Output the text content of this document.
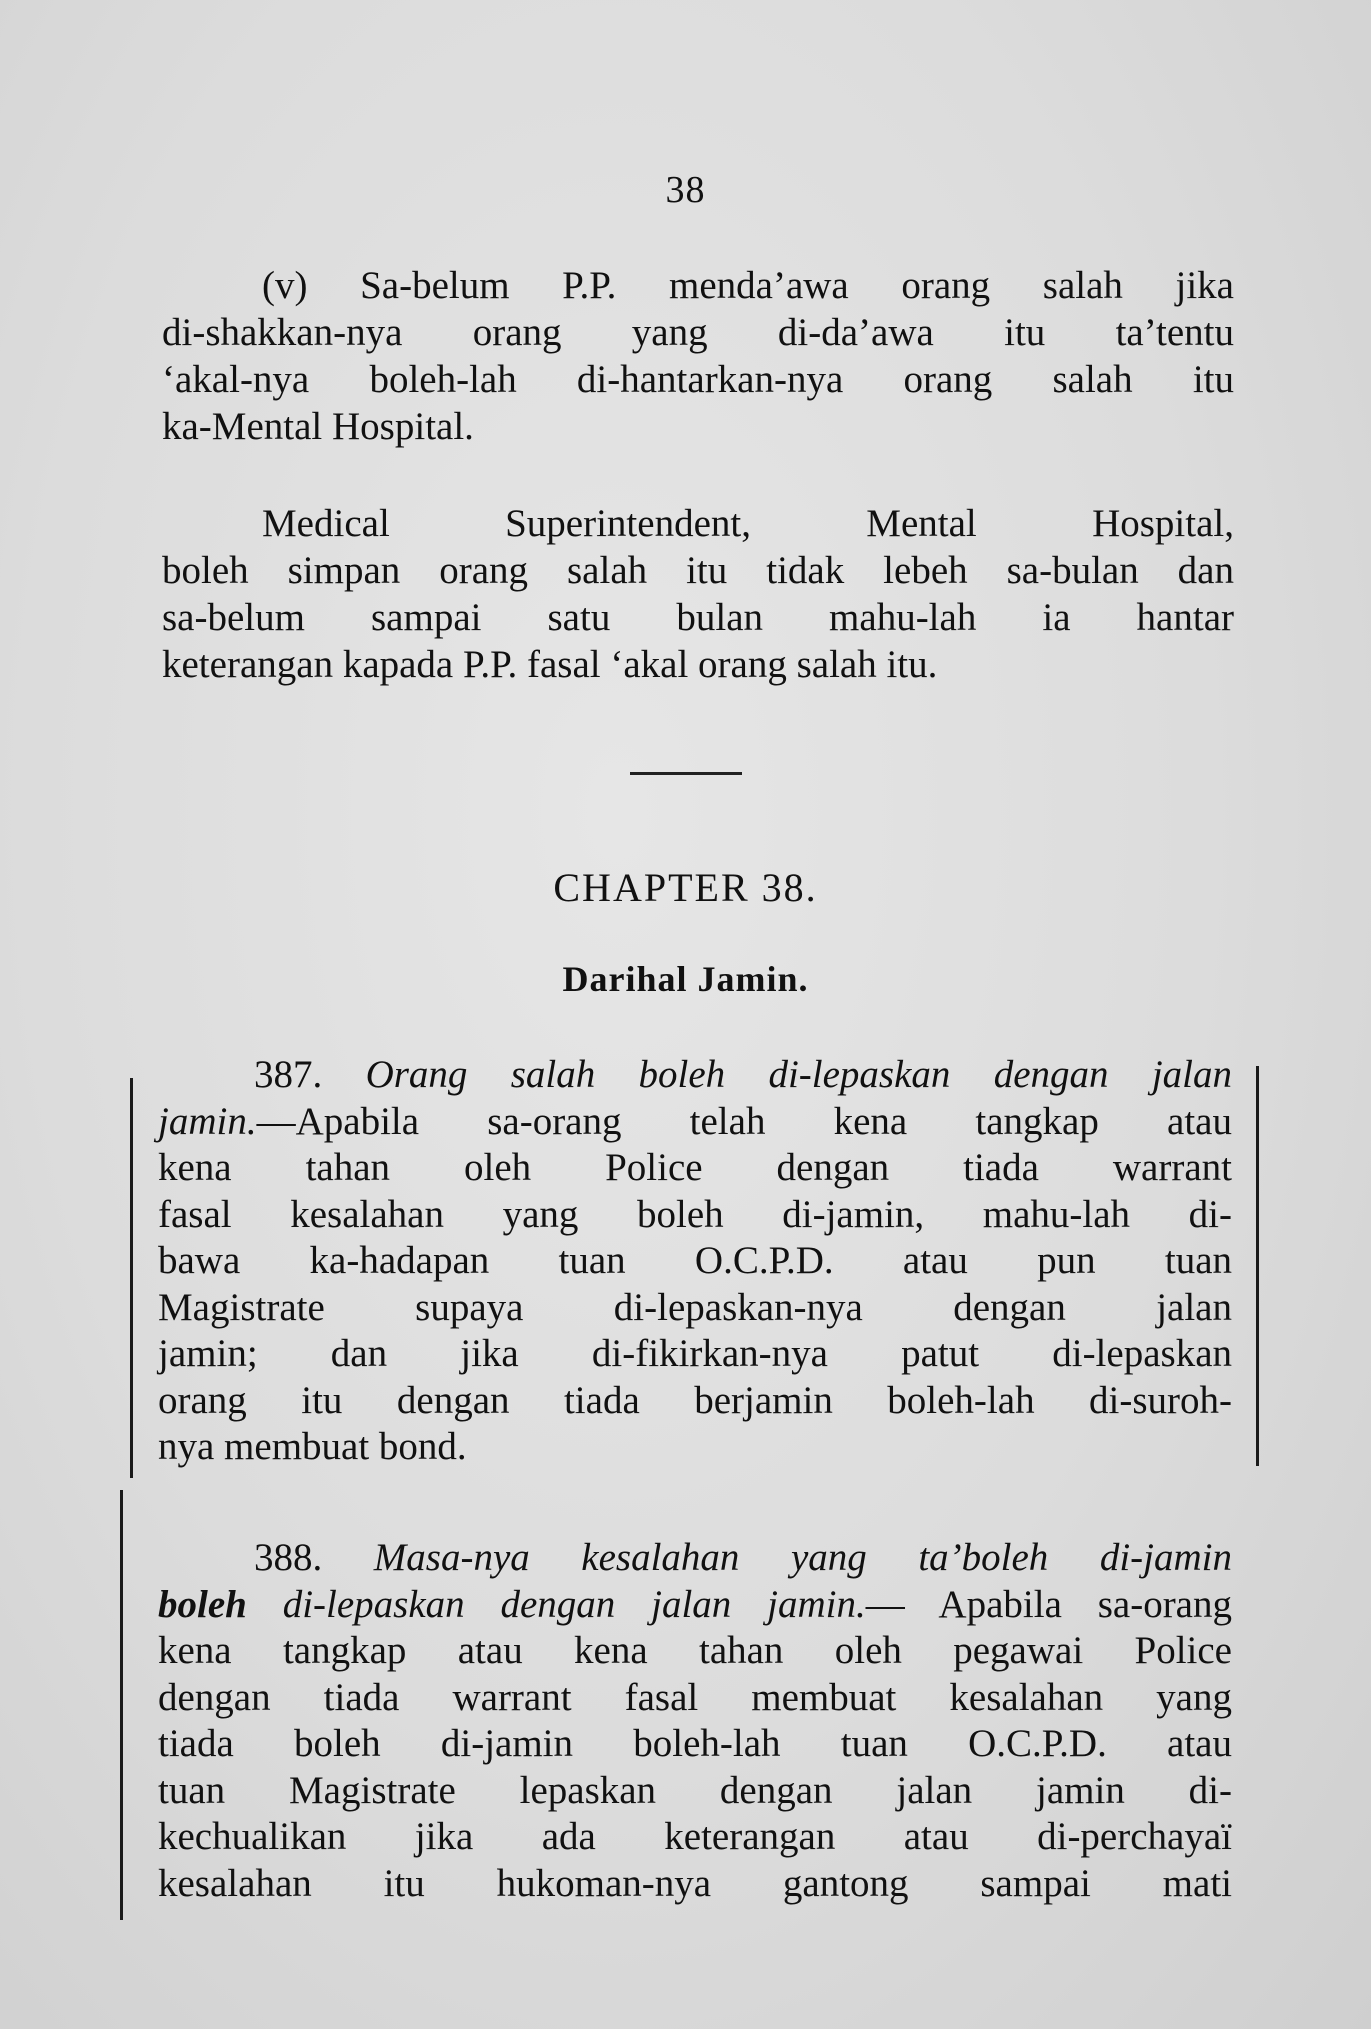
38
(v) Sa-belum P.P. menda’awa orang salah jika
di-shakkan-nya orang yang di-da’awa itu ta’tentu
‘akal-nya boleh-lah di-hantarkan-nya orang salah itu
ka-Mental Hospital.
Medical Superintendent, Mental Hospital,
boleh simpan orang salah itu tidak lebeh sa-bulan dan
sa-belum sampai satu bulan mahu-lah ia hantar
keterangan kapada P.P. fasal ‘akal orang salah itu.
CHAPTER 38.
Darihal Jamin.
387. Orang salah boleh di-lepaskan dengan jalan
jamin.—Apabila sa-orang telah kena tangkap atau
kena tahan oleh Police dengan tiada warrant
fasal kesalahan yang boleh di-jamin, mahu-lah di-
bawa ka-hadapan tuan O.C.P.D. atau pun tuan
Magistrate supaya di-lepaskan-nya dengan jalan
jamin; dan jika di-fikirkan-nya patut di-lepaskan
orang itu dengan tiada berjamin boleh-lah di-suroh-
nya membuat bond.
388. Masa-nya kesalahan yang ta’boleh di-jamin
boleh di-lepaskan dengan jalan jamin.— Apabila sa-orang
kena tangkap atau kena tahan oleh pegawai Police
dengan tiada warrant fasal membuat kesalahan yang
tiada boleh di-jamin boleh-lah tuan O.C.P.D. atau
tuan Magistrate lepaskan dengan jalan jamin di-
kechualikan jika ada keterangan atau di-perchayaï
kesalahan itu hukoman-nya gantong sampai mati
